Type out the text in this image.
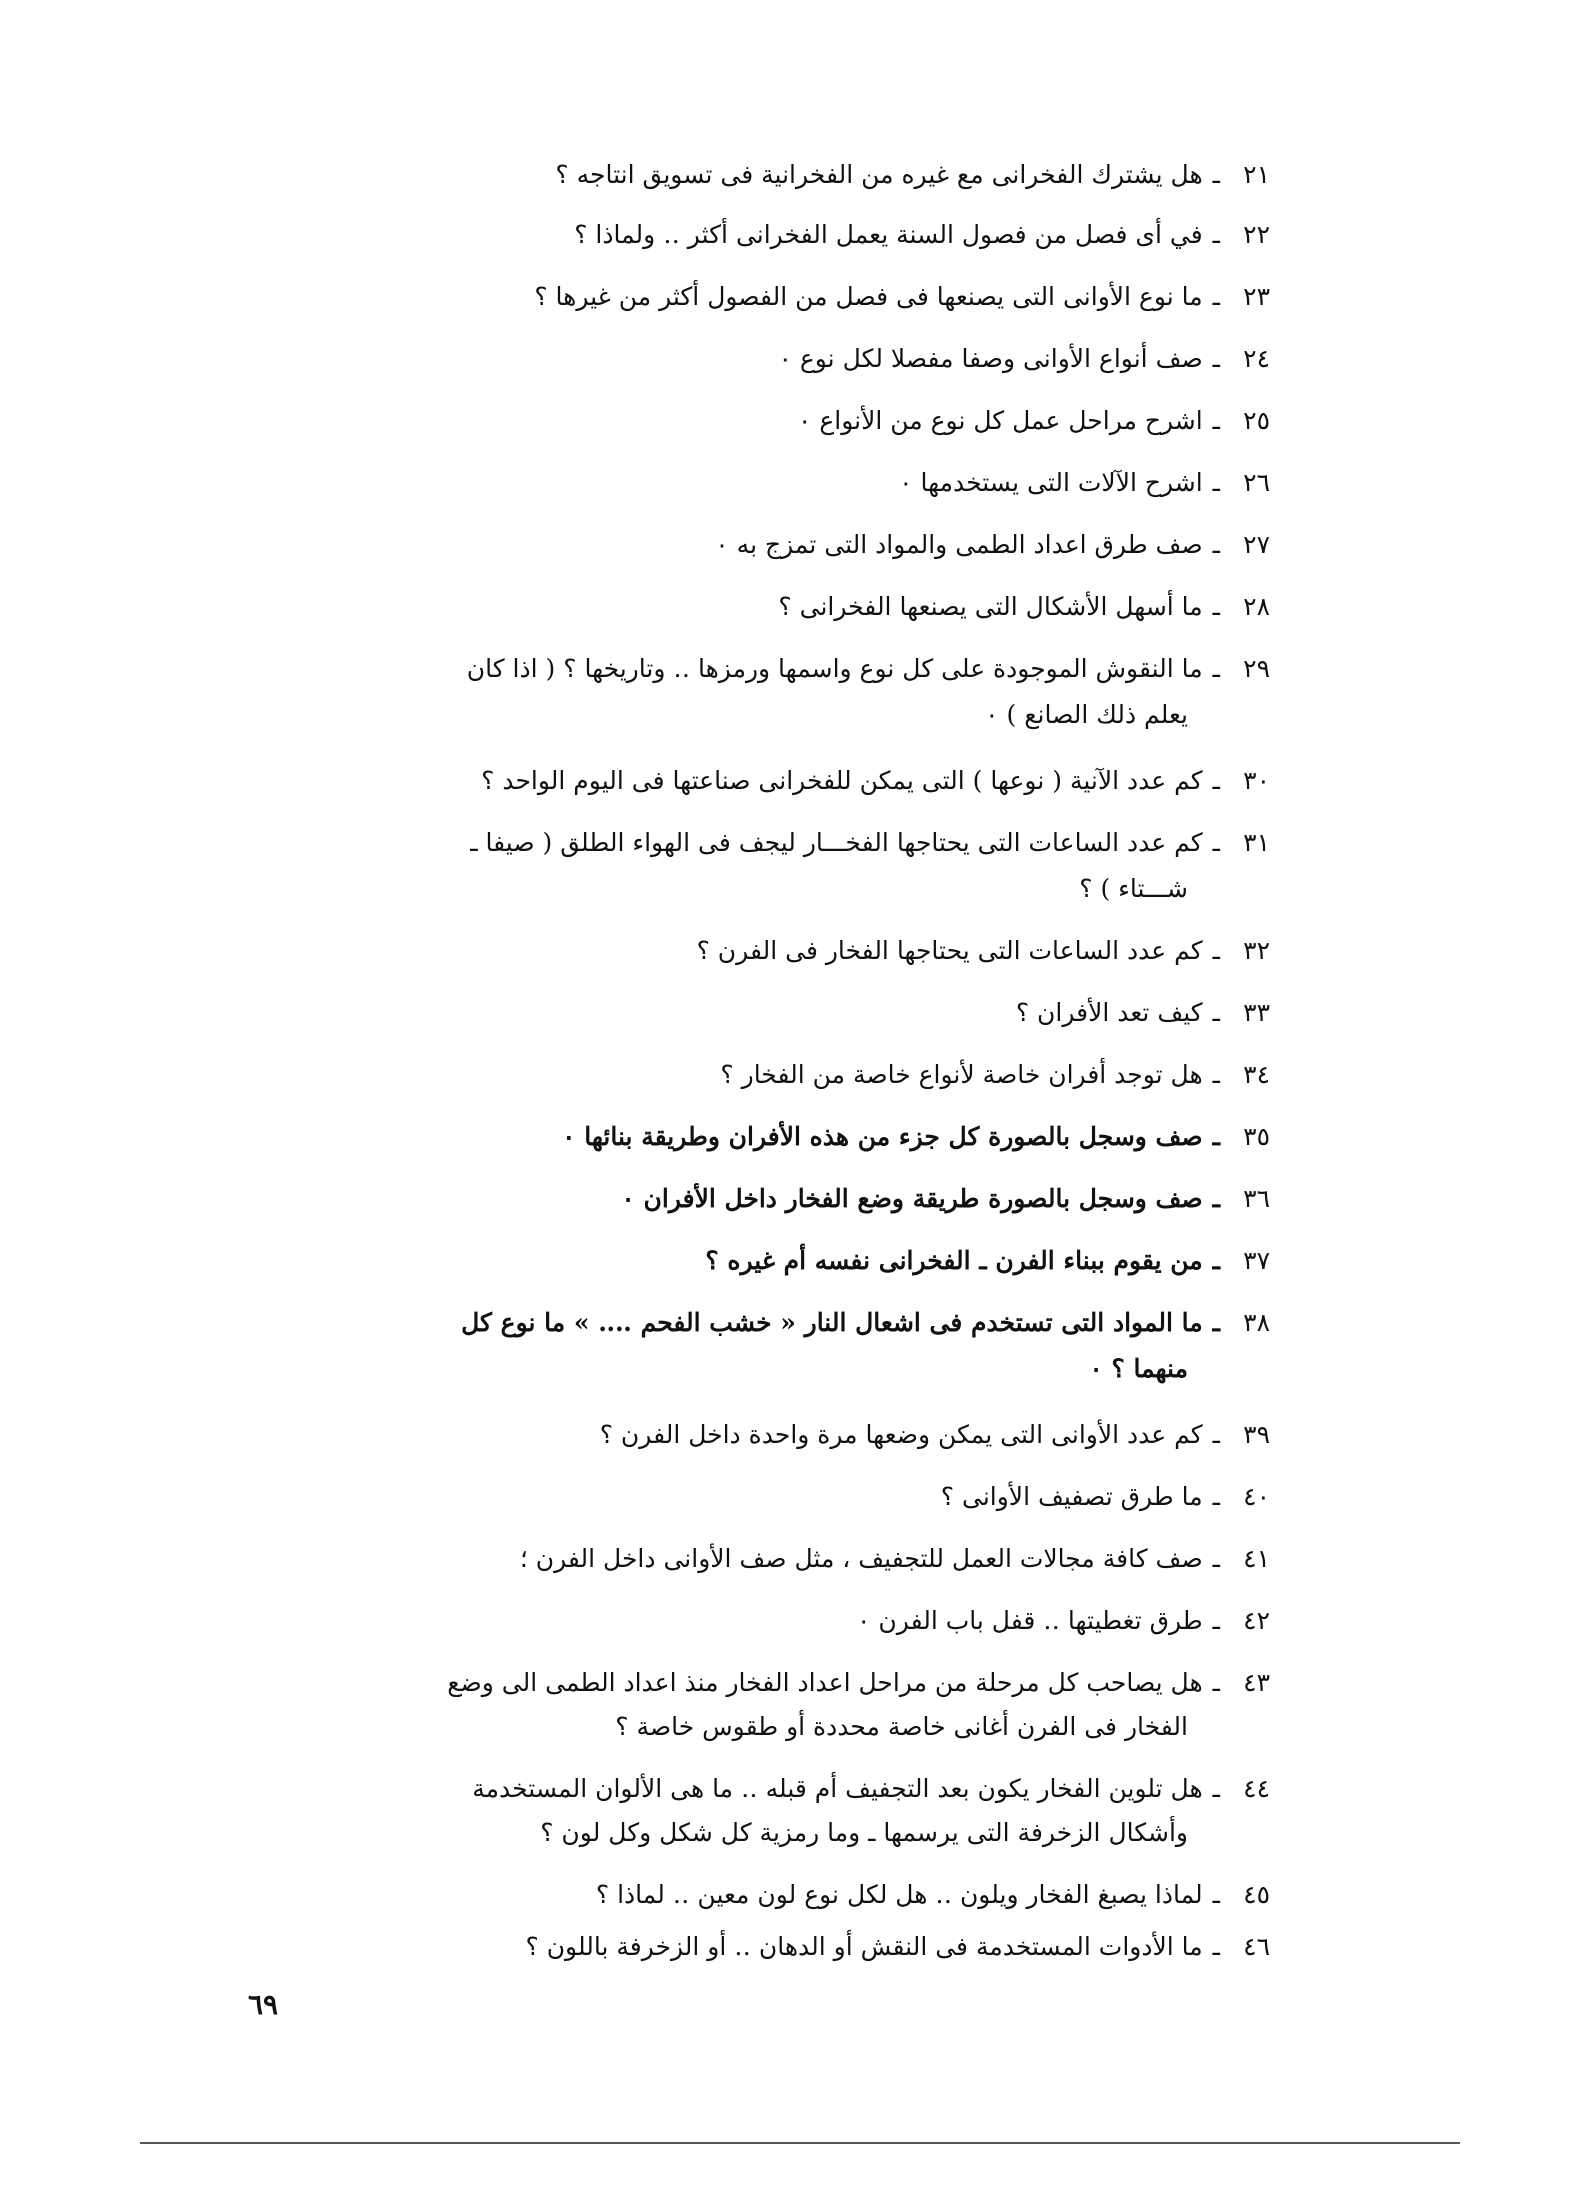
٢١ـهل يشترك الفخرانى مع غيره من الفخرانية فى تسويق انتاجه ؟
٢٢ـفي أى فصل من فصول السنة يعمل الفخرانى أكثر ‥ ولماذا ؟
٢٣ـما نوع الأوانى التى يصنعها فى فصل من الفصول أكثر من غيرها ؟
٢٤ـصف أنواع الأوانى وصفا مفصلا لكل نوع ٠
٢٥ـاشرح مراحل عمل كل نوع من الأنواع ٠
٢٦ـاشرح الآلات التى يستخدمها ٠
٢٧ـصف طرق اعداد الطمى والمواد التى تمزج به ٠
٢٨ـما أسهل الأشكال التى يصنعها الفخرانى ؟
٢٩ـما النقوش الموجودة على كل نوع واسمها ورمزها ‥ وتاريخها ؟ ( اذا كان
يعلم ذلك الصانع ) ٠
٣٠ـكم عدد الآنية ( نوعها ) التى يمكن للفخرانى صناعتها فى اليوم الواحد ؟
٣١ـكم عدد الساعات التى يحتاجها الفخـــار ليجف فى الهواء الطلق ( صيفا ـ
شـــتاء ) ؟
٣٢ـكم عدد الساعات التى يحتاجها الفخار فى الفرن ؟
٣٣ـكيف تعد الأفران ؟
٣٤ـهل توجد أفران خاصة لأنواع خاصة من الفخار ؟
٣٥ـصف وسجل بالصورة كل جزء من هذه الأفران وطريقة بنائها ٠
٣٦ـصف وسجل بالصورة طريقة وضع الفخار داخل الأفران ٠
٣٧ـمن يقوم ببناء الفرن ـ الفخرانى نفسه أم غيره ؟
٣٨ـما المواد التى تستخدم فى اشعال النار « خشب الفحم ‥‥ » ما نوع كل
منهما ؟ ٠
٣٩ـكم عدد الأوانى التى يمكن وضعها مرة واحدة داخل الفرن ؟
٤٠ـما طرق تصفيف الأوانى ؟
٤١ـصف كافة مجالات العمل للتجفيف ، مثل صف الأوانى داخل الفرن ؛
٤٢ـطرق تغطيتها ‥ قفل باب الفرن ٠
٤٣ـهل يصاحب كل مرحلة من مراحل اعداد الفخار منذ اعداد الطمى الى وضع
الفخار فى الفرن أغانى خاصة محددة أو طقوس خاصة ؟
٤٤ـهل تلوين الفخار يكون بعد التجفيف أم قبله ‥ ما هى الألوان المستخدمة
وأشكال الزخرفة التى يرسمها ـ وما رمزية كل شكل وكل لون ؟
٤٥ـلماذا يصبغ الفخار ويلون ‥ هل لكل نوع لون معين ‥ لماذا ؟
٤٦ـما الأدوات المستخدمة فى النقش أو الدهان ‥ أو الزخرفة باللون ؟
٦٩
